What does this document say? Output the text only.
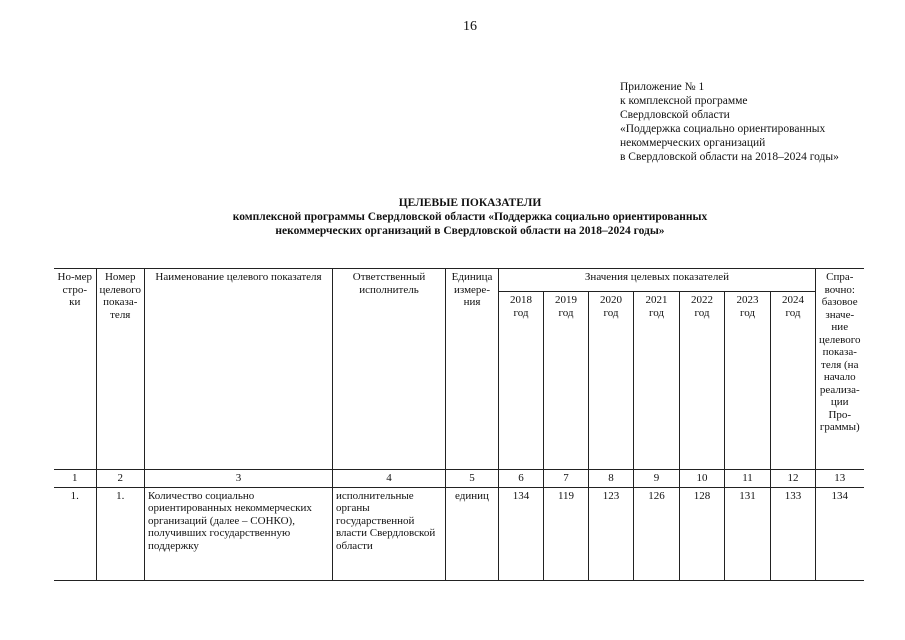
16
Приложение № 1
к комплексной программе
Свердловской области
«Поддержка социально ориентированных
некоммерческих организаций
в Свердловской области на 2018–2024 годы»
ЦЕЛЕВЫЕ ПОКАЗАТЕЛИ
комплексной программы Свердловской области «Поддержка социально ориентированных
некоммерческих организаций в Свердловской области на 2018–2024 годы»
Но-мер стро-ки	Номер целевого показа-теля	Наименование целевого показателя	Ответственный исполнитель	Единица измере-ния	Значения целевых показателей							Спра-вочно: базовое значе-ние целевого показа-теля (на начало реализа-ции Про-граммы)
					2018 год	2019 год	2020 год	2021 год	2022 год	2023 год	2024 год	
1	2	3	4	5	6	7	8	9	10	11	12	13
1.	1.	Количество социально ориентированных некоммерческих организаций (далее – СОНКО), получивших государственную поддержку	исполнительные органы государственной власти Свердловской области	единиц	134	119	123	126	128	131	133	134
